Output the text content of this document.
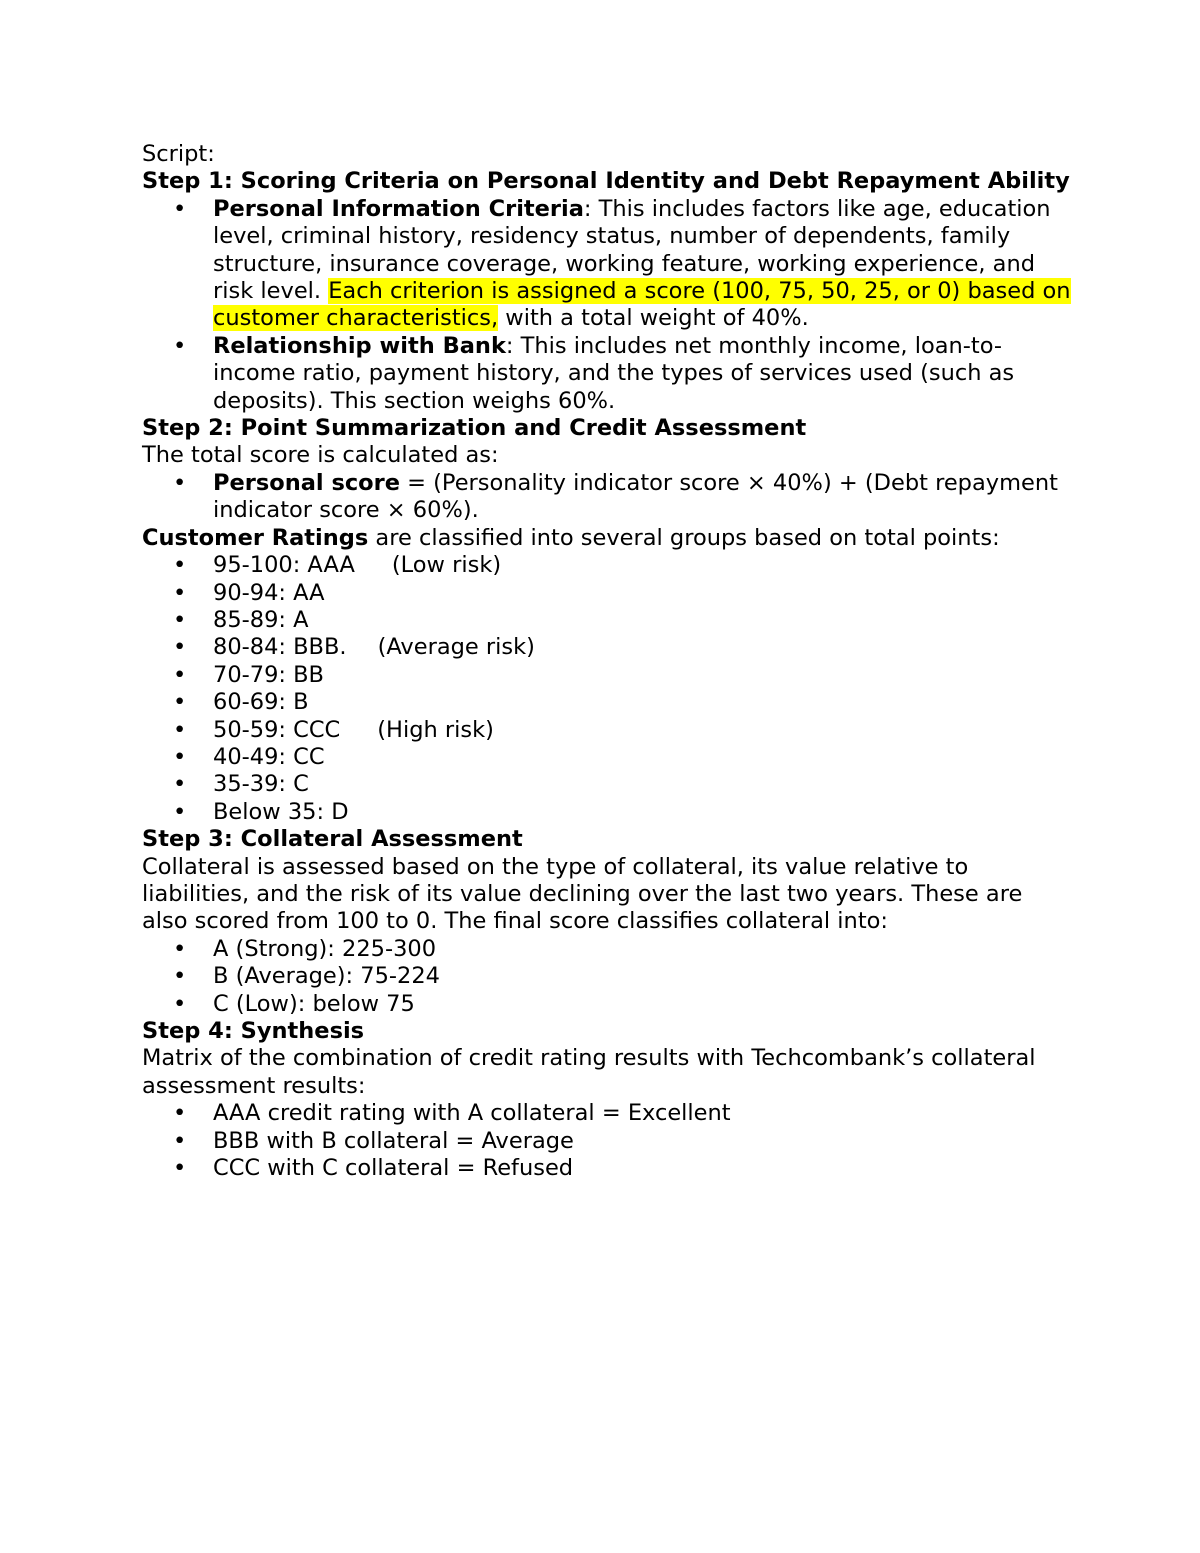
Script:

Step 1: Scoring Criteria on Personal Identity and Debt Repayment Ability

• Personal Information Criteria: This includes factors like age, education level, criminal history, residency status, number of dependents, family structure, insurance coverage, working feature, working experience, and risk level. Each criterion is assigned a score (100, 75, 50, 25, or 0) based on customer characteristics, with a total weight of 40%.
• Relationship with Bank: This includes net monthly income, loan-to-income ratio, payment history, and the types of services used (such as deposits). This section weighs 60%.

Step 2: Point Summarization and Credit Assessment

The total score is calculated as:

• Personal score = (Personality indicator score × 40%) + (Debt repayment indicator score × 60%).

Customer Ratings are classified into several groups based on total points:

• 95-100: AAA (Low risk)
• 90-94: AA
• 85-89: A
• 80-84: BBB. (Average risk)
• 70-79: BB
• 60-69: B
• 50-59: CCC (High risk)
• 40-49: CC
• 35-39: C
• Below 35: D

Step 3: Collateral Assessment

Collateral is assessed based on the type of collateral, its value relative to liabilities, and the risk of its value declining over the last two years. These are also scored from 100 to 0. The final score classifies collateral into:

• A (Strong): 225-300
• B (Average): 75-224
• C (Low): below 75

Step 4: Synthesis

Matrix of the combination of credit rating results with Techcombank’s collateral assessment results:

• AAA credit rating with A collateral = Excellent
• BBB with B collateral = Average
• CCC with C collateral = Refused
